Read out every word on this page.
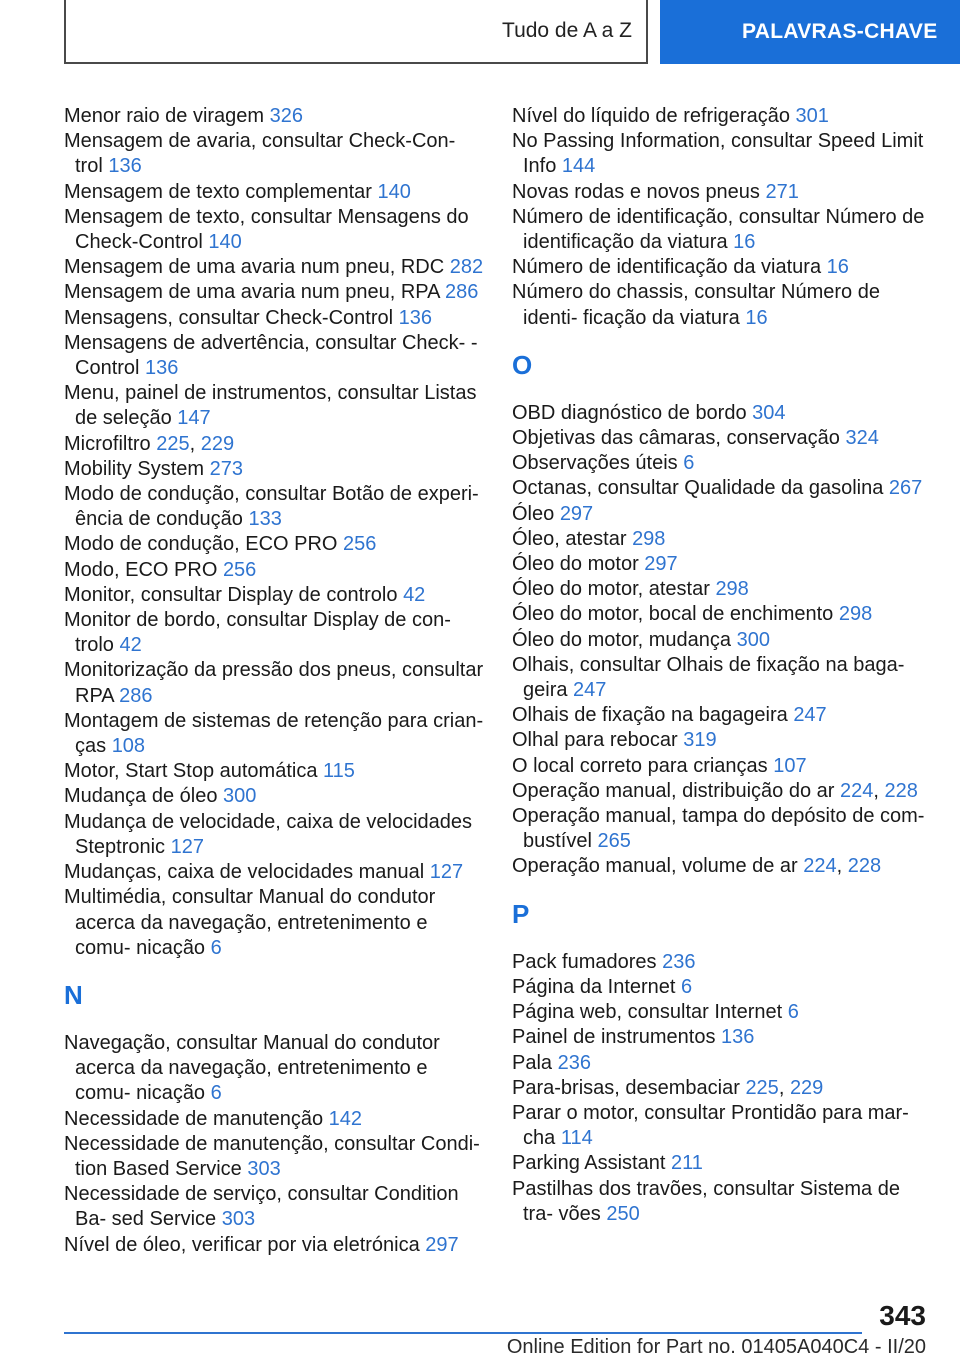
Tudo de A a Z	PALAVRAS-CHAVE

Menor raio de viragem 326

Mensagem de avaria, consultar Check-Con‐ trol 136

Mensagem de texto complementar 140

Mensagem de texto, consultar Mensagens do Check-Control 140

Mensagem de uma avaria num pneu, RDC 282

Mensagem de uma avaria num pneu, RPA 286

Mensagens, consultar Check-Control 136

Mensagens de advertência, consultar Check- -Control 136

Menu, painel de instrumentos, consultar Listas de seleção 147

Microfiltro 225, 229

Mobility System 273

Modo de condução, consultar Botão de experi‐ ência de condução 133

Modo de condução, ECO PRO 256

Modo, ECO PRO 256

Monitor, consultar Display de controlo 42

Monitor de bordo, consultar Display de con‐ trolo 42

Monitorização da pressão dos pneus, consultar RPA 286

Montagem de sistemas de retenção para crian‐ ças 108

Motor, Start Stop automática 115

Mudança de óleo 300

Mudança de velocidade, caixa de velocidades Steptronic 127

Mudanças, caixa de velocidades manual 127

Multimédia, consultar Manual do condutor acerca da navegação, entretenimento e comu‐ nicação 6

N

Navegação, consultar Manual do condutor acerca da navegação, entretenimento e comu‐ nicação 6

Necessidade de manutenção 142

Necessidade de manutenção, consultar Condi‐ tion Based Service 303

Necessidade de serviço, consultar Condition Ba‐ sed Service 303

Nível de óleo, verificar por via eletrónica 297

Nível do líquido de refrigeração 301

No Passing Information, consultar Speed Limit Info 144

Novas rodas e novos pneus 271

Número de identificação, consultar Número de identificação da viatura 16

Número de identificação da viatura 16

Número do chassis, consultar Número de identi‐ ficação da viatura 16

O

OBD diagnóstico de bordo 304

Objetivas das câmaras, conservação 324

Observações úteis 6

Octanas, consultar Qualidade da gasolina 267

Óleo 297

Óleo, atestar 298

Óleo do motor 297

Óleo do motor, atestar 298

Óleo do motor, bocal de enchimento 298

Óleo do motor, mudança 300

Olhais, consultar Olhais de fixação na baga‐ geira 247

Olhais de fixação na bagageira 247

Olhal para rebocar 319

O local correto para crianças 107

Operação manual, distribuição do ar 224, 228

Operação manual, tampa do depósito de com‐ bustível 265

Operação manual, volume de ar 224, 228

P

Pack fumadores 236

Página da Internet 6

Página web, consultar Internet 6

Painel de instrumentos 136

Pala 236

Para-brisas, desembaciar 225, 229

Parar o motor, consultar Prontidão para mar‐ cha 114

Parking Assistant 211

Pastilhas dos travões, consultar Sistema de tra‐ vões 250

343
Online Edition for Part no. 01405A040C4 - II/20
